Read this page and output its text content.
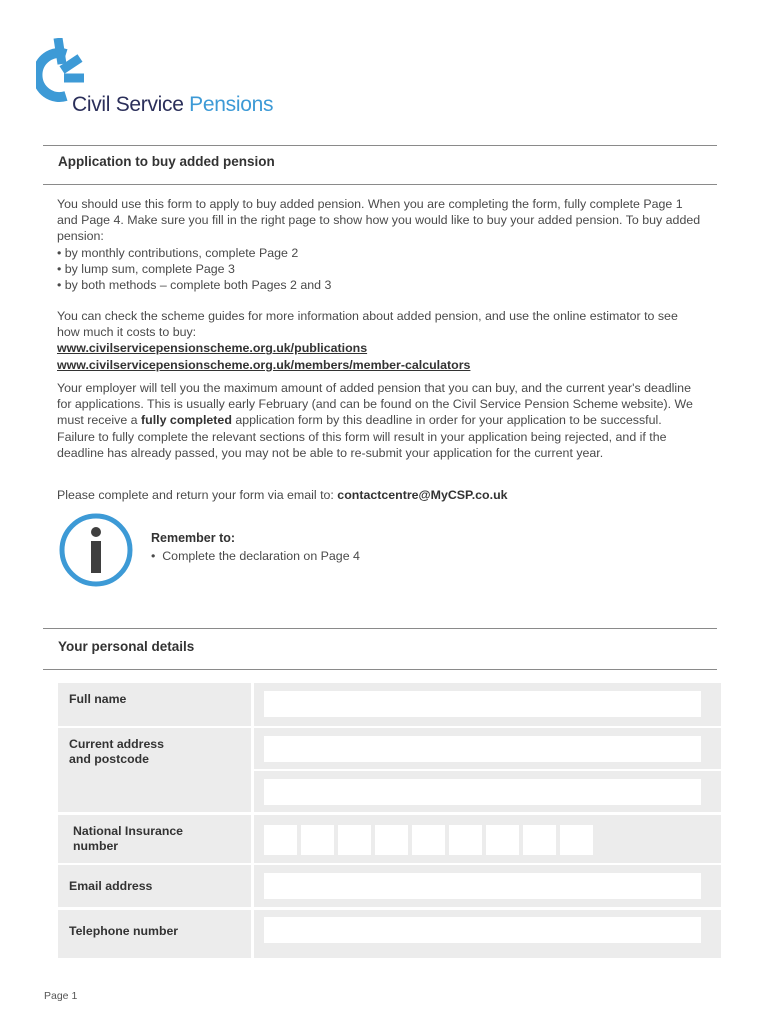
Civil Service Pensions
Application to buy added pension
You should use this form to apply to buy added pension. When you are completing the form, fully complete Page 1 and Page 4. Make sure you fill in the right page to show how you would like to buy your added pension. To buy added pension:
• by monthly contributions, complete Page 2
• by lump sum, complete Page 3
• by both methods – complete both Pages 2 and 3
You can check the scheme guides for more information about added pension, and use the online estimator to see how much it costs to buy:
www.civilservicepensionscheme.org.uk/publications
www.civilservicepensionscheme.org.uk/members/member-calculators
Your employer will tell you the maximum amount of added pension that you can buy, and the current year's deadline for applications. This is usually early February (and can be found on the Civil Service Pension Scheme website). We must receive a fully completed application form by this deadline in order for your application to be successful. Failure to fully complete the relevant sections of this form will result in your application being rejected, and if the deadline has already passed, you may not be able to re-submit your application for the current year.
Please complete and return your form via email to: contactcentre@MyCSP.co.uk
Remember to:
•  Complete the declaration on Page 4
Your personal details
Full name
Current address
and postcode
National Insurance
number
Email address
Telephone number
Page 1
